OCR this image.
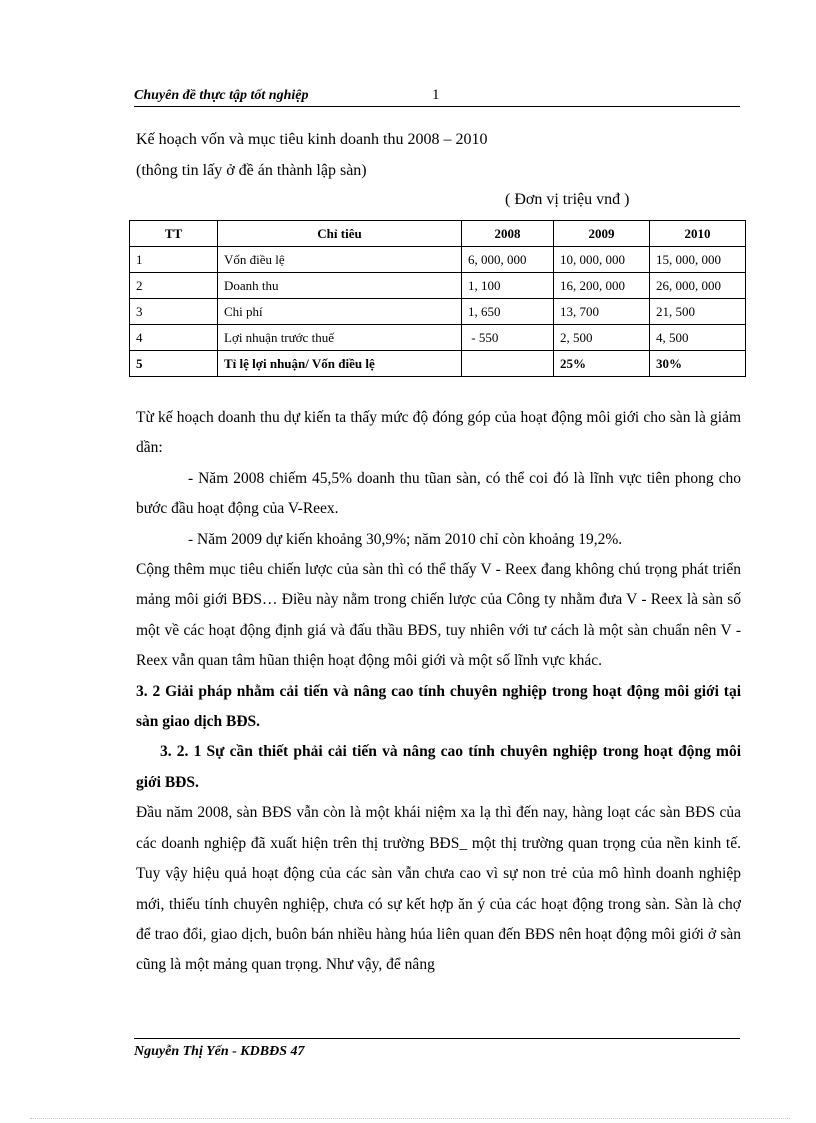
Chuyên đề thực tập tốt nghiệp	1
Kế hoạch vốn và mục tiêu kinh doanh thu 2008 – 2010
(thông tin lấy ở đề án thành lập sàn)
( Đơn vị triệu vnđ )
TT	Chỉ tiêu	2008	2009	2010
1	Vốn điều lệ	6, 000, 000	10, 000, 000	15, 000, 000
2	Doanh thu	1, 100	16, 200, 000	26, 000, 000
3	Chi phí	1, 650	13, 700	21, 500
4	Lợi nhuận trước thuế	- 550	2, 500	4, 500
5	Tỉ lệ lợi nhuận/ Vốn điều lệ		25%	30%

Từ kế hoạch doanh thu dự kiến ta thấy mức độ đóng góp của hoạt động môi giới cho sàn là giảm dần:

- Năm 2008 chiếm 45,5% doanh thu tũan sàn, có thể coi đó là lĩnh vực tiên phong cho bước đầu hoạt động của V-Reex.

- Năm 2009 dự kiến khoảng 30,9%; năm 2010 chỉ còn khoảng 19,2%.

Cộng thêm mục tiêu chiến lược của sàn thì có thể thấy V - Reex đang không chú trọng phát triển mảng môi giới BĐS… Điều này nằm trong chiến lược của Công ty nhằm đưa V - Reex là sàn số một về các hoạt động định giá và đấu thầu BĐS, tuy nhiên với tư cách là một sàn chuẩn nên V - Reex vẫn quan tâm hũan thiện hoạt động môi giới và một số lĩnh vực khác.

3. 2 Giải pháp nhằm cải tiến và nâng cao tính chuyên nghiệp trong hoạt động môi giới tại sàn giao dịch BĐS.

3. 2. 1 Sự cần thiết phải cải tiến và nâng cao tính chuyên nghiệp trong hoạt động môi giới BĐS.

Đầu năm 2008, sàn BĐS vẫn còn là một khái niệm xa lạ thì đến nay, hàng loạt các sàn BĐS của các doanh nghiệp đã xuất hiện trên thị trường BĐS_ một thị trường quan trọng của nền kinh tế. Tuy vậy hiệu quả hoạt động của các sàn vẫn chưa cao vì sự non trẻ của mô hình doanh nghiệp mới, thiếu tính chuyên nghiệp, chưa có sự kết hợp ăn ý của các hoạt động trong sàn. Sàn là chợ để trao đổi, giao dịch, buôn bán nhiều hàng húa liên quan đến BĐS nên hoạt động môi giới ở sàn cũng là một mảng quan trọng. Như vậy, để nâng

Nguyễn Thị Yến - KDBĐS 47
